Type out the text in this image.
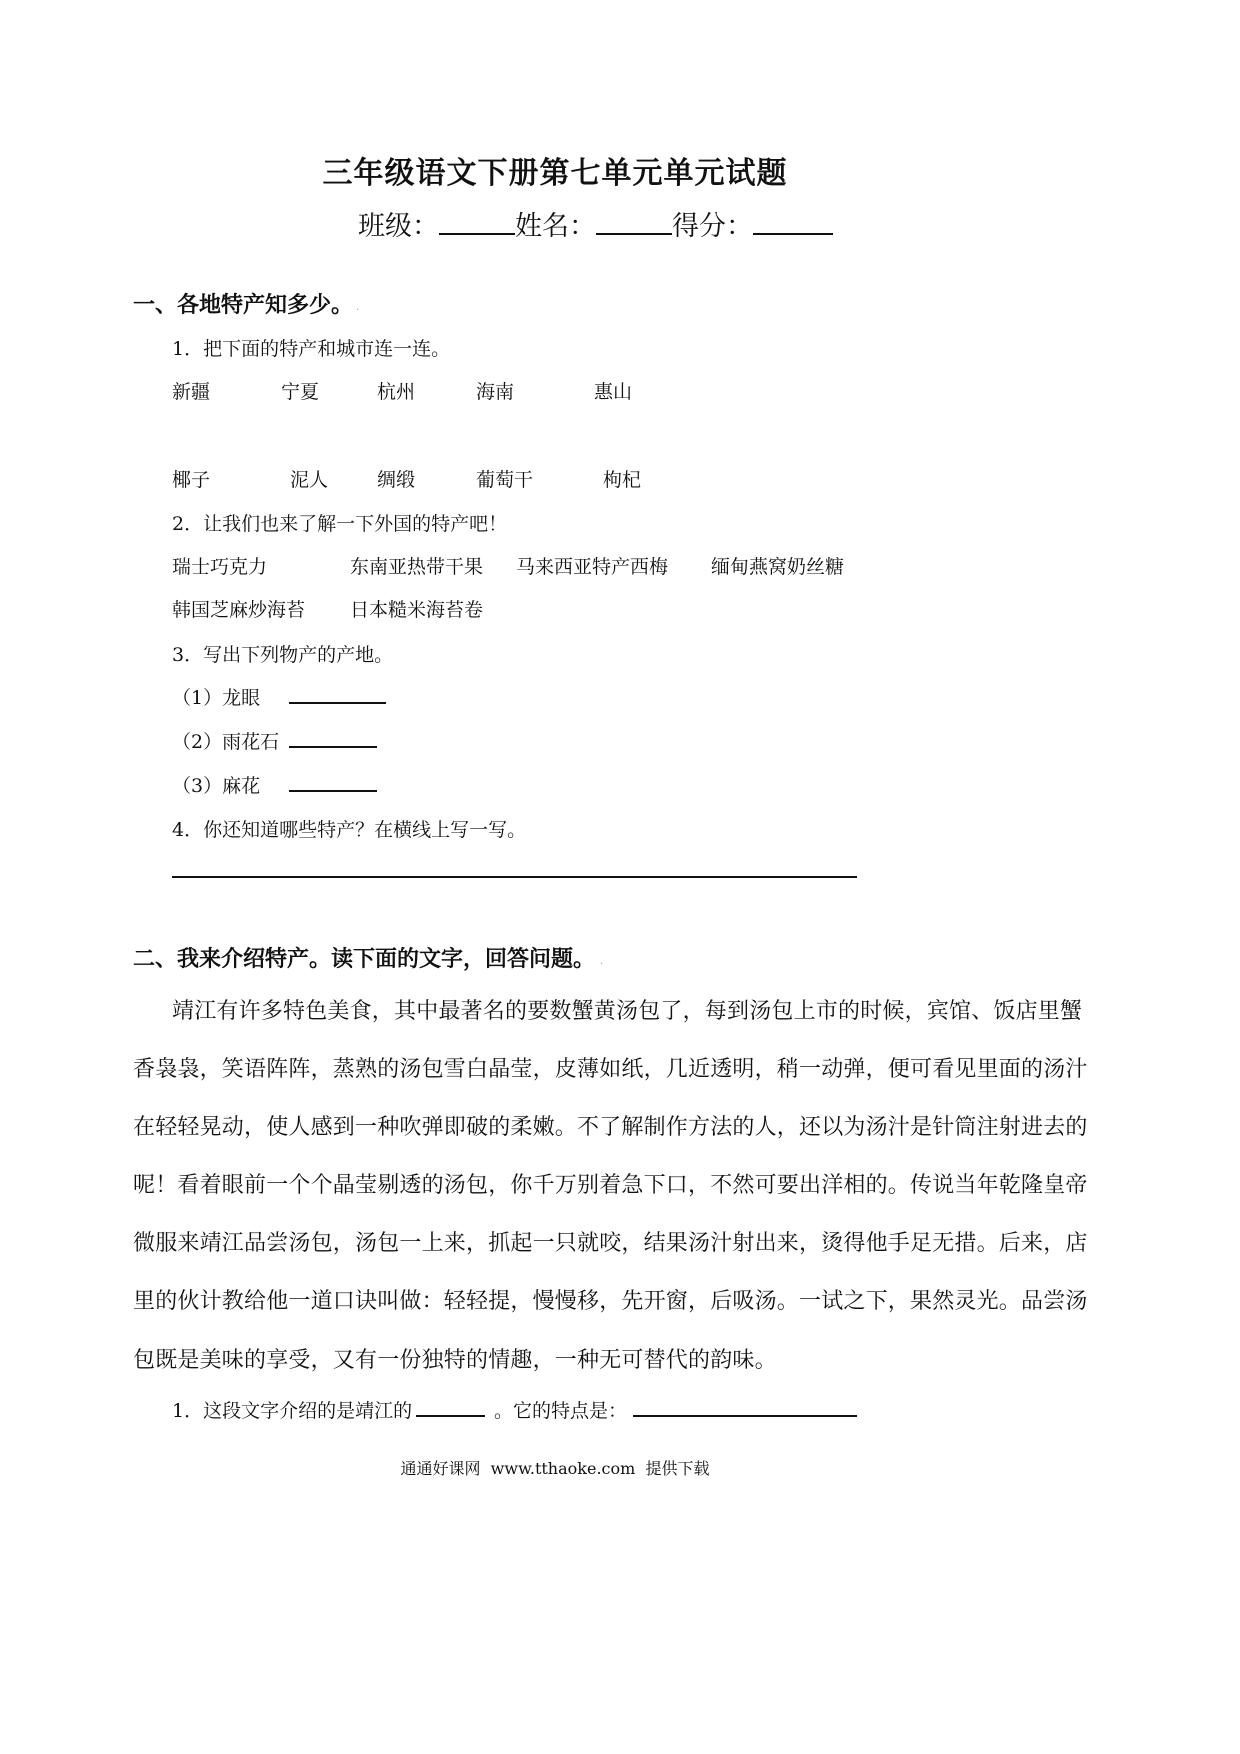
三年级语文下册第七单元单元试题
班级：	姓名：	得分：
一、各地特产知多少。 .
1．把下面的特产和城市连一连。
新疆	宁夏	杭州	海南	惠山
椰子	泥人	绸缎	葡萄干	枸杞
2．让我们也来了解一下外国的特产吧！
瑞士巧克力	东南亚热带干果 马来西亚特产西梅 缅甸燕窝奶丝糖
韩国芝麻炒海苔 日本糙米海苔卷
3．写出下列物产的产地。
（1）龙眼
（2）雨花石
（3）麻花
4．你还知道哪些特产？在横线上写一写。
二、我来介绍特产。读下面的文字，回答问题。 .
靖江有许多特色美食，其中最著名的要数蟹黄汤包了，每到汤包上市的时候，宾馆、饭店里蟹
香袅袅，笑语阵阵，蒸熟的汤包雪白晶莹，皮薄如纸，几近透明，稍一动弹，便可看见里面的汤汁
在轻轻晃动，使人感到一种吹弹即破的柔嫩。不了解制作方法的人，还以为汤汁是针筒注射进去的
呢！看着眼前一个个晶莹剔透的汤包，你千万别着急下口，不然可要出洋相的。传说当年乾隆皇帝
微服来靖江品尝汤包，汤包一上来，抓起一只就咬，结果汤汁射出来，烫得他手足无措。后来，店
里的伙计教给他一道口诀叫做：轻轻提，慢慢移，先开窗，后吸汤。一试之下，果然灵光。品尝汤
包既是美味的享受，又有一份独特的情趣，一种无可替代的韵味。
1．这段文字介绍的是靖江的	。它的特点是：
通通好课网  www.tthaoke.com  提供下载
